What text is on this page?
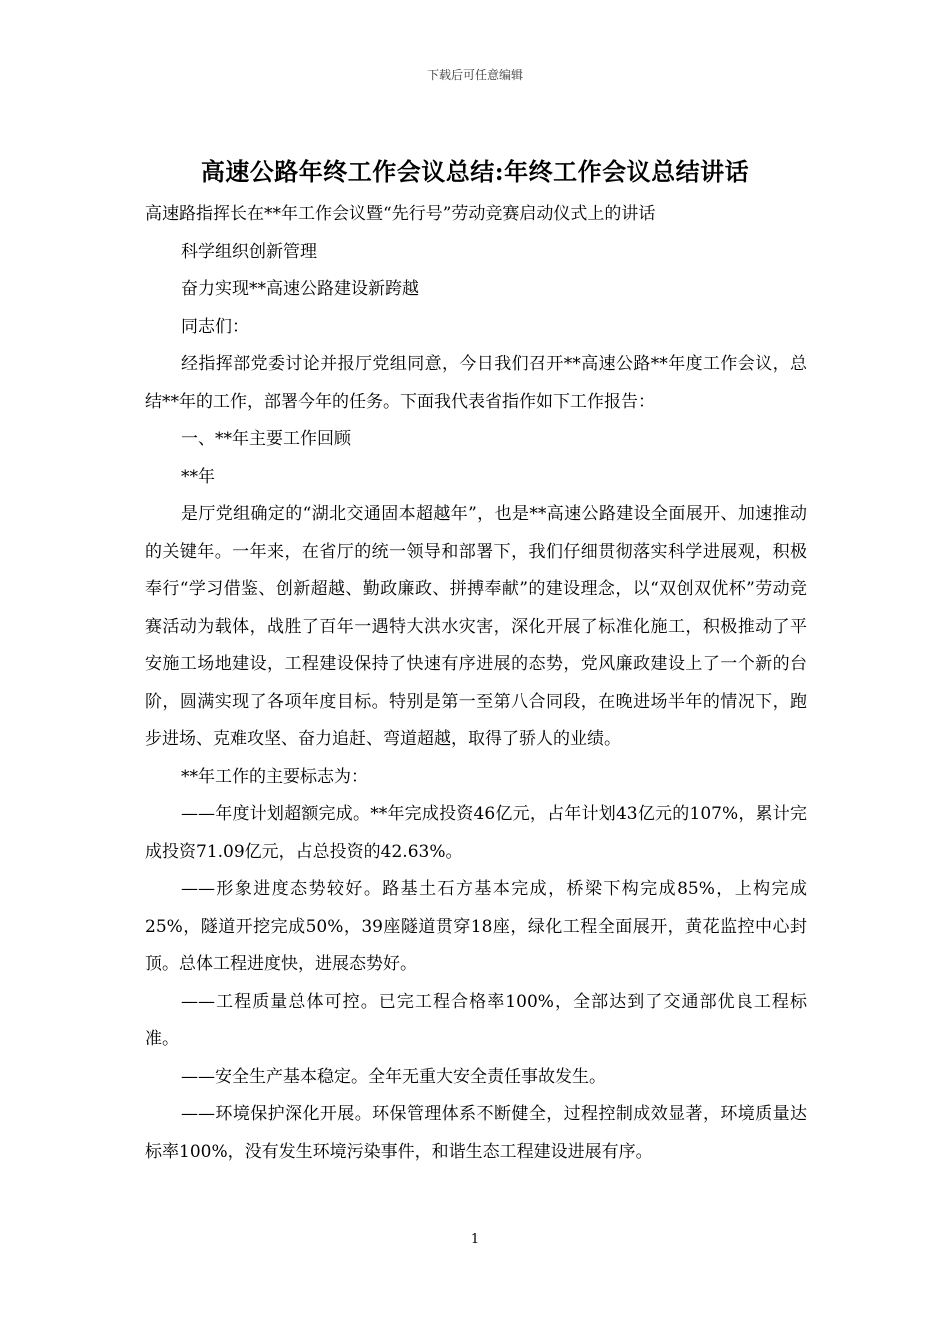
下载后可任意编辑
高速公路年终工作会议总结:年终工作会议总结讲话
高速路指挥长在**年工作会议暨“先行号”劳动竞赛启动仪式上的讲话
科学组织创新管理
奋力实现**高速公路建设新跨越
同志们：
经指挥部党委讨论并报厅党组同意，今日我们召开**高速公路**年度工作会议，总结**年的工作，部署今年的任务。下面我代表省指作如下工作报告：
一、**年主要工作回顾
**年
是厅党组确定的“湖北交通固本超越年”，也是**高速公路建设全面展开、加速推动的关键年。一年来，在省厅的统一领导和部署下，我们仔细贯彻落实科学进展观，积极奉行“学习借鉴、创新超越、勤政廉政、拼搏奉献”的建设理念，以“双创双优杯”劳动竞赛活动为载体，战胜了百年一遇特大洪水灾害，深化开展了标准化施工，积极推动了平安施工场地建设，工程建设保持了快速有序进展的态势，党风廉政建设上了一个新的台阶，圆满实现了各项年度目标。特别是第一至第八合同段，在晚进场半年的情况下，跑步进场、克难攻坚、奋力追赶、弯道超越，取得了骄人的业绩。
**年工作的主要标志为：
——年度计划超额完成。**年完成投资46亿元，占年计划43亿元的107%，累计完成投资71.09亿元，占总投资的42.63%。
——形象进度态势较好。路基土石方基本完成，桥梁下构完成85%，上构完成25%，隧道开挖完成50%，39座隧道贯穿18座，绿化工程全面展开，黄花监控中心封顶。总体工程进度快，进展态势好。
——工程质量总体可控。已完工程合格率100%，全部达到了交通部优良工程标准。
——安全生产基本稳定。全年无重大安全责任事故发生。
——环境保护深化开展。环保管理体系不断健全，过程控制成效显著，环境质量达标率100%，没有发生环境污染事件，和谐生态工程建设进展有序。
1
